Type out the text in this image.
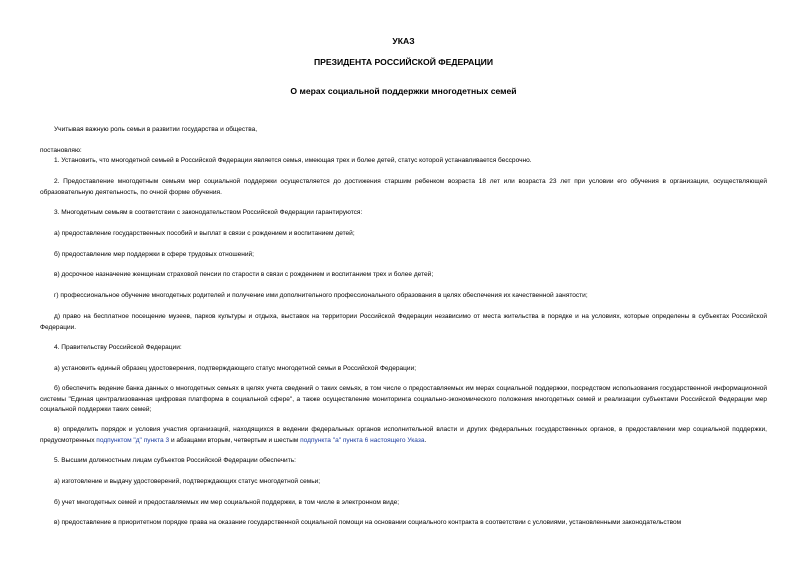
УКАЗ
ПРЕЗИДЕНТА РОССИЙСКОЙ ФЕДЕРАЦИИ
О мерах социальной поддержки многодетных семей
Учитывая важную роль семьи в развитии государства и общества,
постановляю:
1. Установить, что многодетной семьей в Российской Федерации является семья, имеющая трех и более детей, статус которой устанавливается бессрочно.
2. Предоставление многодетным семьям мер социальной поддержки осуществляется до достижения старшим ребенком возраста 18 лет или возраста 23 лет при условии его обучения в организации, осуществляющей образовательную деятельность, по очной форме обучения.
3. Многодетным семьям в соответствии с законодательством Российской Федерации гарантируются:
а) предоставление государственных пособий и выплат в связи с рождением и воспитанием детей;
б) предоставление мер поддержки в сфере трудовых отношений;
в) досрочное назначение женщинам страховой пенсии по старости в связи с рождением и воспитанием трех и более детей;
г) профессиональное обучение многодетных родителей и получение ими дополнительного профессионального образования в целях обеспечения их качественной занятости;
д) право на бесплатное посещение музеев, парков культуры и отдыха, выставок на территории Российской Федерации независимо от места жительства в порядке и на условиях, которые определены в субъектах Российской Федерации.
4. Правительству Российской Федерации:
а) установить единый образец удостоверения, подтверждающего статус многодетной семьи в Российской Федерации;
б) обеспечить ведение банка данных о многодетных семьях в целях учета сведений о таких семьях, в том числе о предоставляемых им мерах социальной поддержки, посредством использования государственной информационной системы "Единая централизованная цифровая платформа в социальной сфере", а также осуществление мониторинга социально-экономического положения многодетных семей и реализации субъектами Российской Федерации мер социальной поддержки таких семей;
в) определить порядок и условия участия организаций, находящихся в ведении федеральных органов исполнительной власти и других федеральных государственных органов, в предоставлении мер социальной поддержки, предусмотренных подпунктом "д" пункта 3 и абзацами вторым, четвертым и шестым подпункта "а" пункта 6 настоящего Указа.
5. Высшим должностным лицам субъектов Российской Федерации обеспечить:
а) изготовление и выдачу удостоверений, подтверждающих статус многодетной семьи;
б) учет многодетных семей и предоставляемых им мер социальной поддержки, в том числе в электронном виде;
в) предоставление в приоритетном порядке права на оказание государственной социальной помощи на основании социального контракта в соответствии с условиями, установленными законодательством
